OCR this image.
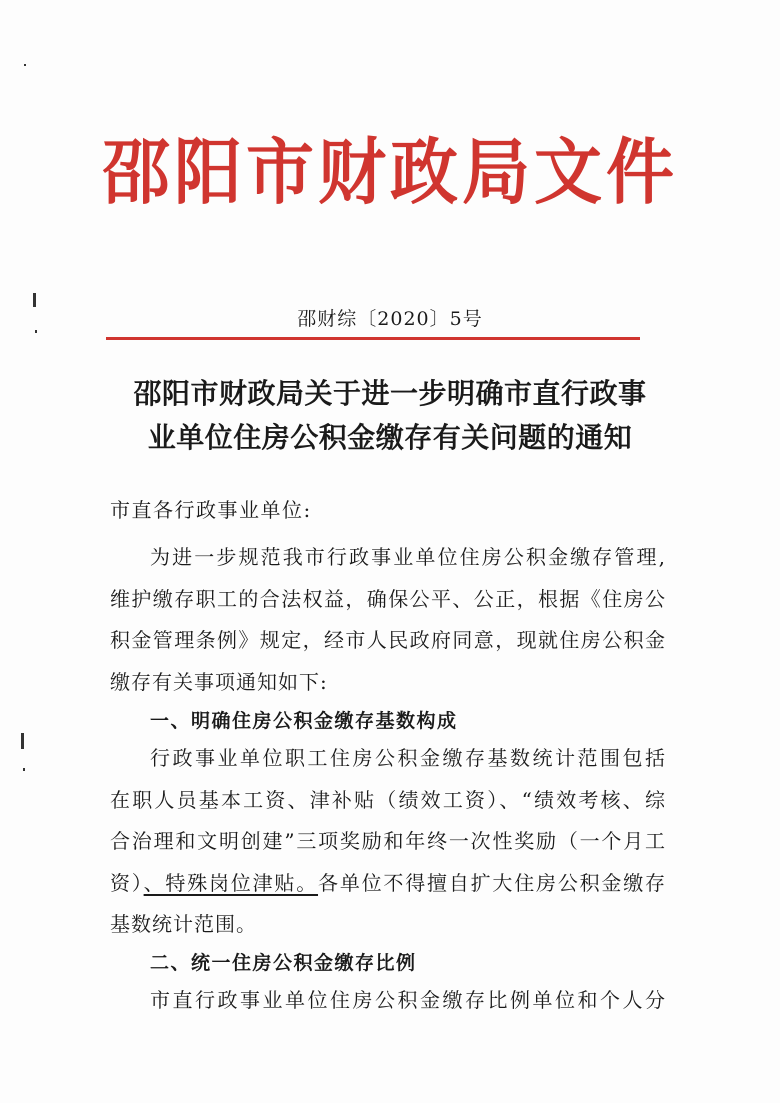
邵阳市财政局文件
邵财综〔2020〕5号
邵阳市财政局关于进一步明确市直行政事
业单位住房公积金缴存有关问题的通知
市直各行政事业单位:
为进一步规范我市行政事业单位住房公积金缴存管理,
维护缴存职工的合法权益，确保公平、公正，根据《住房公
积金管理条例》规定，经市人民政府同意，现就住房公积金
缴存有关事项通知如下:
一、明确住房公积金缴存基数构成
行政事业单位职工住房公积金缴存基数统计范围包括
在职人员基本工资、津补贴（绩效工资）、“绩效考核、综
合治理和文明创建”三项奖励和年终一次性奖励（一个月工
资）、特殊岗位津贴。各单位不得擅自扩大住房公积金缴存
基数统计范围。
二、统一住房公积金缴存比例
市直行政事业单位住房公积金缴存比例单位和个人分
